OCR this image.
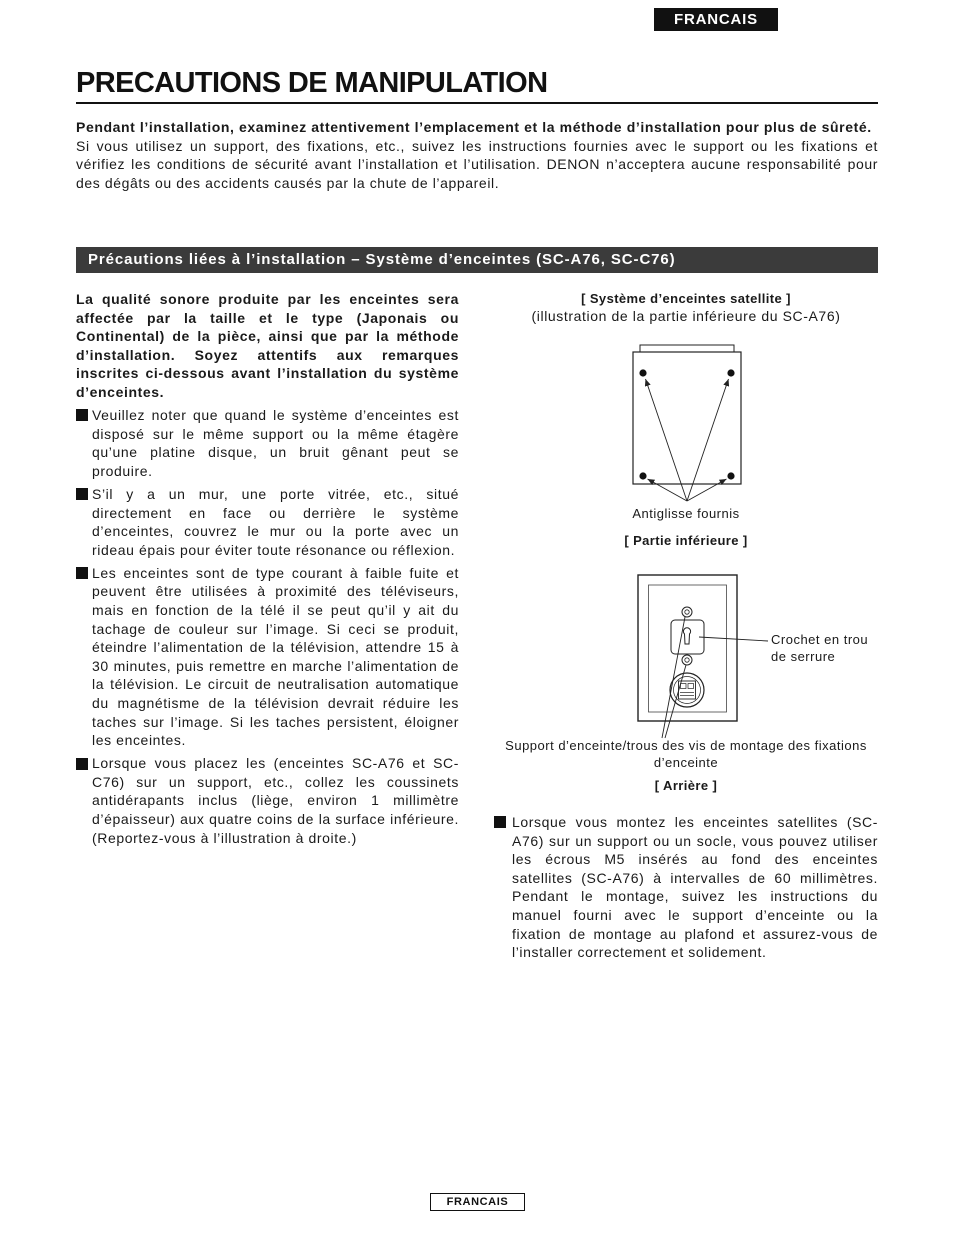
FRANCAIS
PRECAUTIONS DE MANIPULATION

Pendant l’installation, examinez attentivement l’emplacement et la méthode d’installation pour plus de sûreté.

Si vous utilisez un support, des fixations, etc., suivez les instructions fournies avec le support ou les fixations et vérifiez les conditions de sécurité avant l’installation et l’utilisation. DENON n’acceptera aucune responsabilité pour des dégâts ou des accidents causés par la chute de l’appareil.

Précautions liées à l’installation – Système d’enceintes (SC-A76, SC-C76)

La qualité sonore produite par les enceintes sera affectée par la taille et le type (Japonais ou Continental) de la pièce, ainsi que par la méthode d’installation. Soyez attentifs aux remarques inscrites ci-dessous avant l’installation du système d’enceintes.

Veuillez noter que quand le système d’enceintes est disposé sur le même support ou la même étagère qu’une platine disque, un bruit gênant peut se produire.

S’il y a un mur, une porte vitrée, etc., situé directement en face ou derrière le système d’enceintes, couvrez le mur ou la porte avec un rideau épais pour éviter toute résonance ou réflexion.

Les enceintes sont de type courant à faible fuite et peuvent être utilisées à proximité des téléviseurs, mais en fonction de la télé il se peut qu’il y ait du tachage de couleur sur l’image. Si ceci se produit, éteindre l’alimentation de la télévision, attendre 15 à 30 minutes, puis remettre en marche l’alimentation de la télévision. Le circuit de neutralisation automatique du magnétisme de la télévision devrait réduire les taches sur l’image. Si les taches persistent, éloigner les enceintes.

Lorsque vous placez les (enceintes SC-A76 et SC-C76) sur un support, etc., collez les coussinets antidérapants inclus (liège, environ 1 millimètre d’épaisseur) aux quatre coins de la surface inférieure. (Reportez-vous à l’illustration à droite.)

[ Système d’enceintes satellite ]

(illustration de la partie inférieure du SC-A76)

Antiglisse fournis

[ Partie inférieure ]

Crochet en trou de serrure

Support d’enceinte/trous des vis de montage des fixations d’enceinte

[ Arrière ]

Lorsque vous montez les enceintes satellites (SC-A76) sur un support ou un socle, vous pouvez utiliser les écrous M5 insérés au fond des enceintes satellites (SC-A76) à intervalles de 60 millimètres. Pendant le montage, suivez les instructions du manuel fourni avec le support d’enceinte ou la fixation de montage au plafond et assurez-vous de l’installer correctement et solidement.

FRANCAIS
